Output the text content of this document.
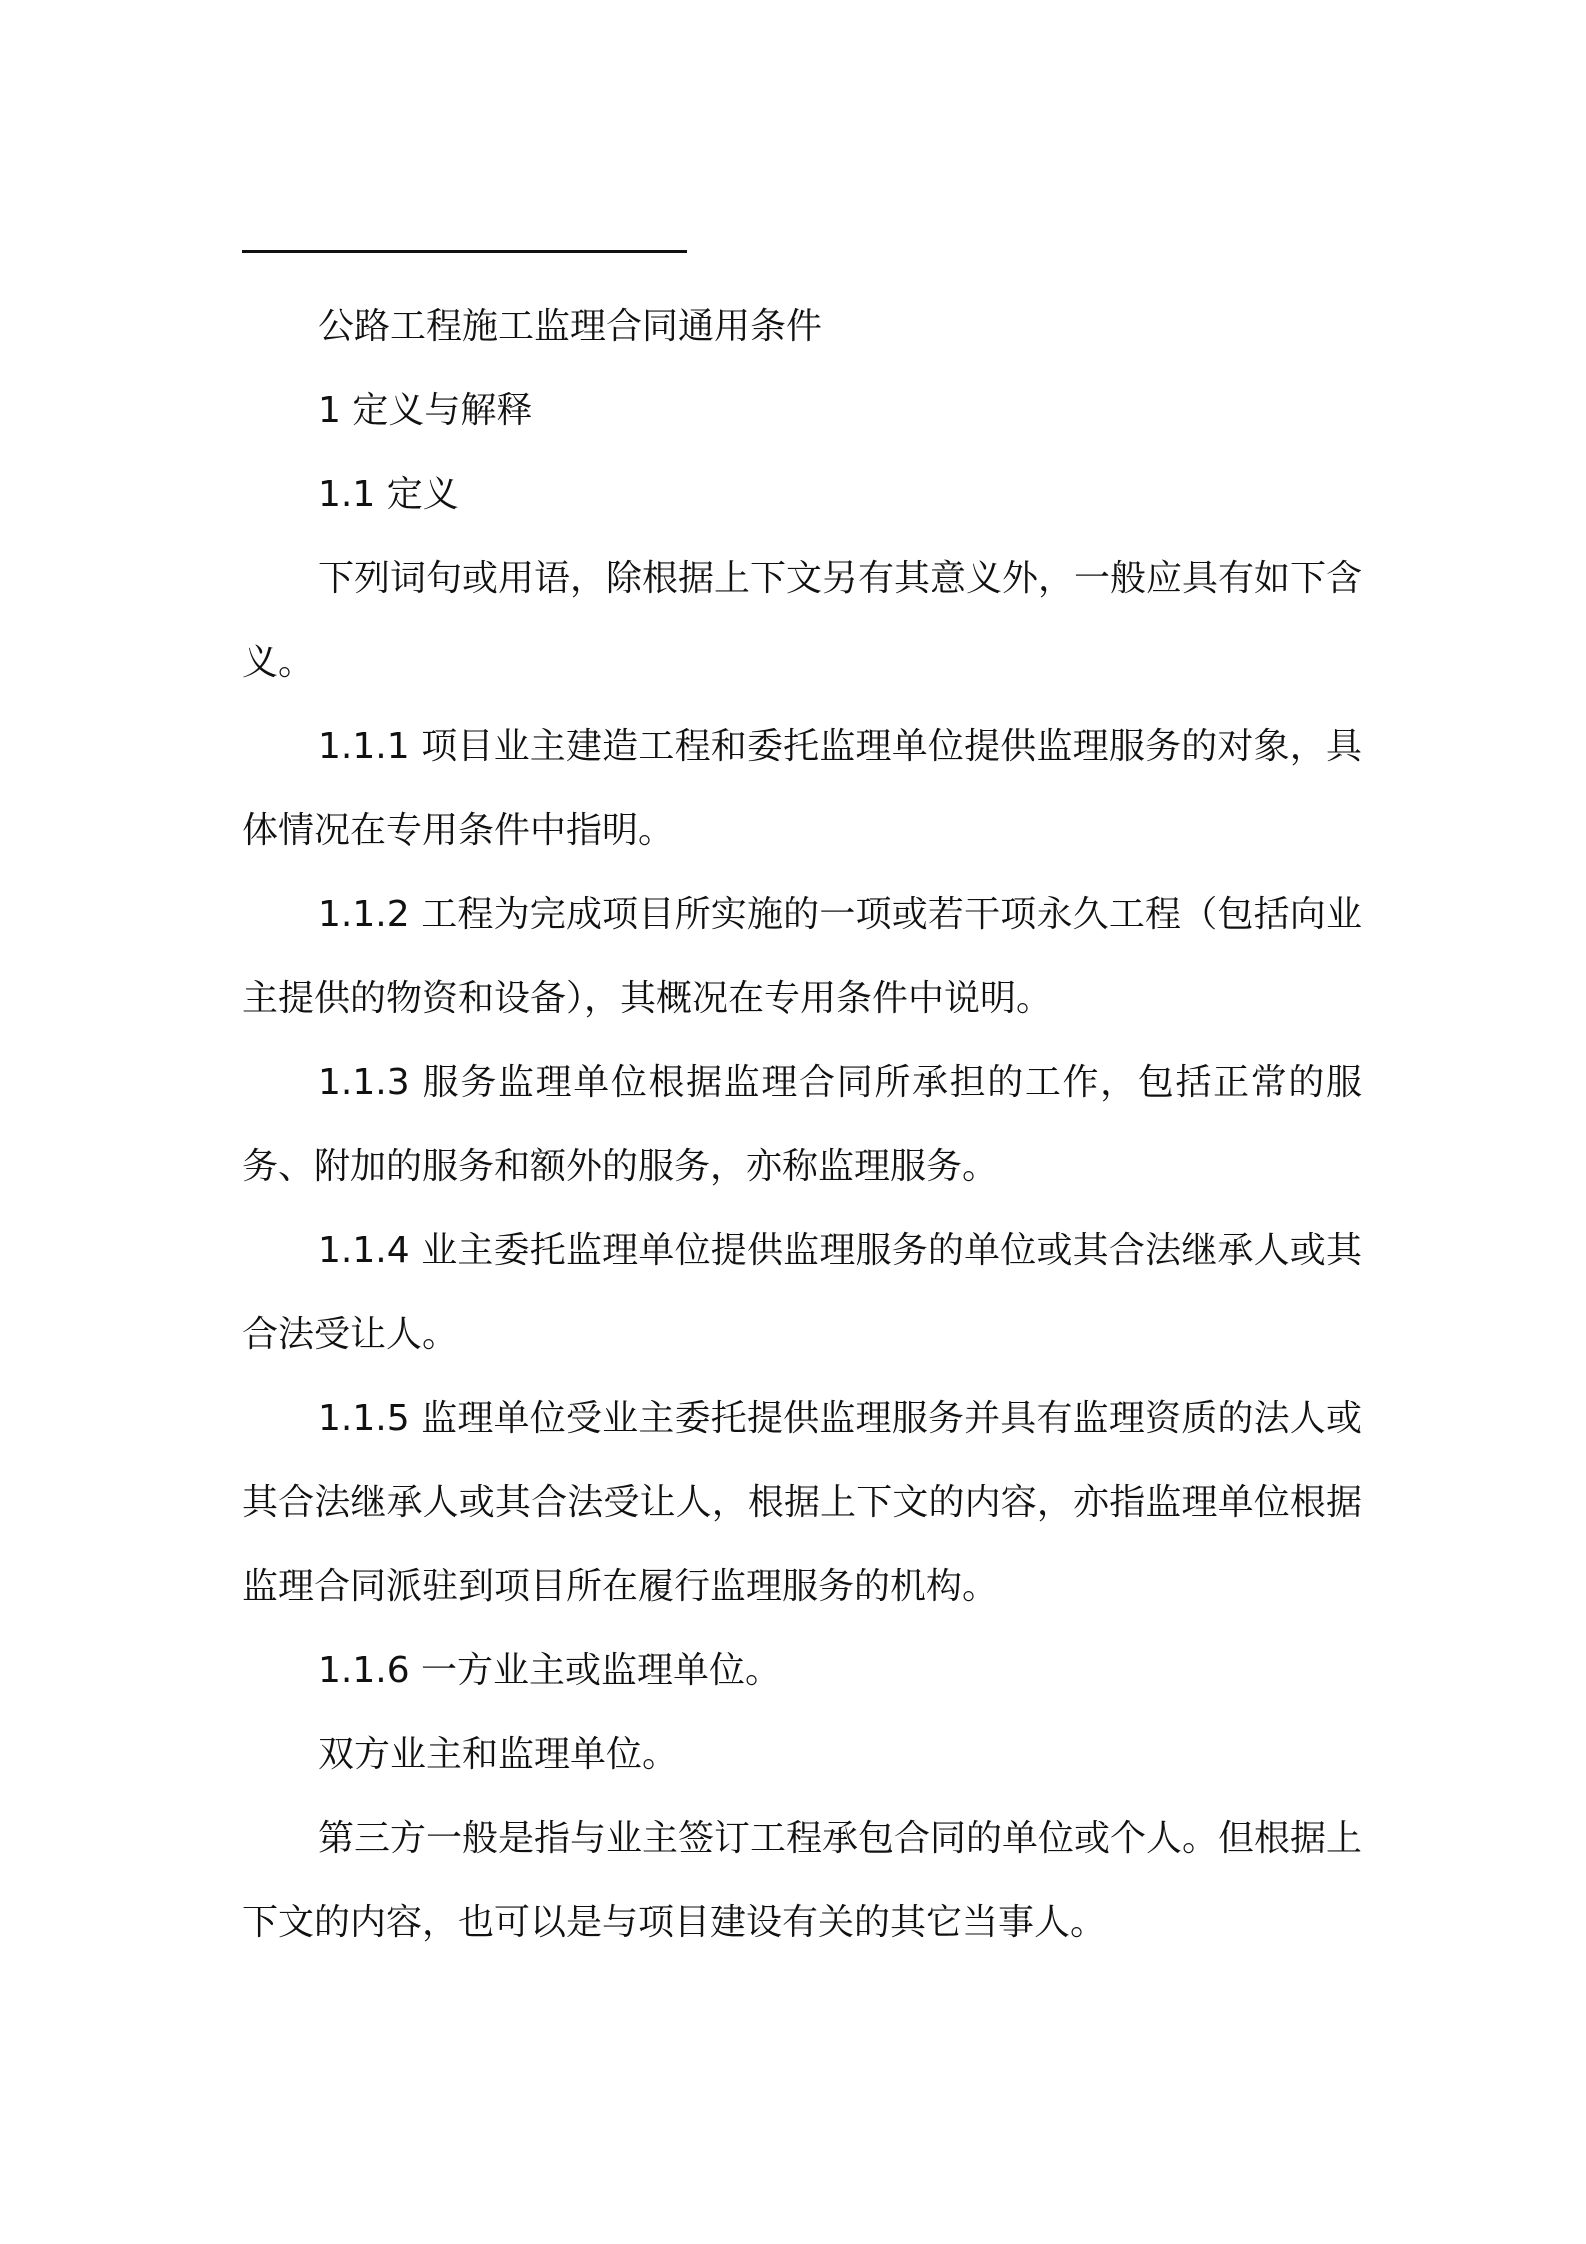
公路工程施工监理合同通用条件

1 定义与解释

1.1 定义

下列词句或用语，除根据上下文另有其意义外，一般应具有如下含义。

1.1.1 项目业主建造工程和委托监理单位提供监理服务的对象，具体情况在专用条件中指明。

1.1.2 工程为完成项目所实施的一项或若干项永久工程（包括向业主提供的物资和设备），其概况在专用条件中说明。

1.1.3 服务监理单位根据监理合同所承担的工作，包括正常的服务、附加的服务和额外的服务，亦称监理服务。

1.1.4 业主委托监理单位提供监理服务的单位或其合法继承人或其合法受让人。

1.1.5 监理单位受业主委托提供监理服务并具有监理资质的法人或其合法继承人或其合法受让人，根据上下文的内容，亦指监理单位根据监理合同派驻到项目所在履行监理服务的机构。

1.1.6 一方业主或监理单位。

双方业主和监理单位。

第三方一般是指与业主签订工程承包合同的单位或个人。但根据上下文的内容，也可以是与项目建设有关的其它当事人。
